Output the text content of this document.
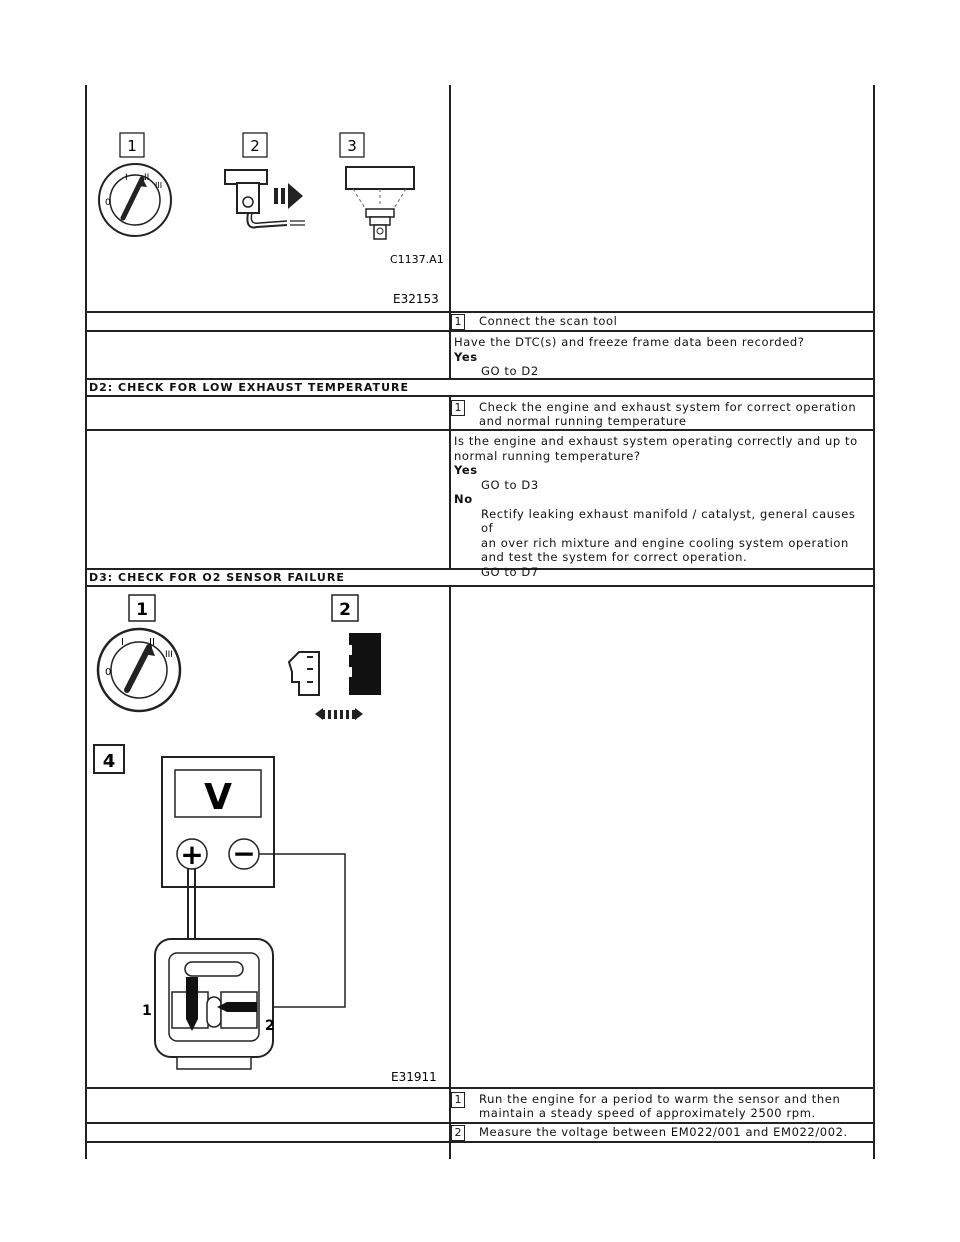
1
0
I II
III
2	3
C1137.A1
E32153
1	Connect the scan tool
Have the DTC(s) and freeze frame data been recorded?
Yes
GO to D2
D2: CHECK FOR LOW EXHAUST TEMPERATURE
1	Check the engine and exhaust system for correct operation
and normal running temperature
Is the engine and exhaust system operating correctly and up to
normal running temperature?
Yes
GO to D3
No
Rectify leaking exhaust manifold / catalyst, general causes of
an over rich mixture and engine cooling system operation
and test the system for correct operation.
GO to D7
D3: CHECK FOR O2 SENSOR FAILURE
1
0
I	II
III
2
4
V
+ −
1
2
E31911
1	Run the engine for a period to warm the sensor and then
maintain a steady speed of approximately 2500 rpm.
2	Measure the voltage between EM022/001 and EM022/002.
